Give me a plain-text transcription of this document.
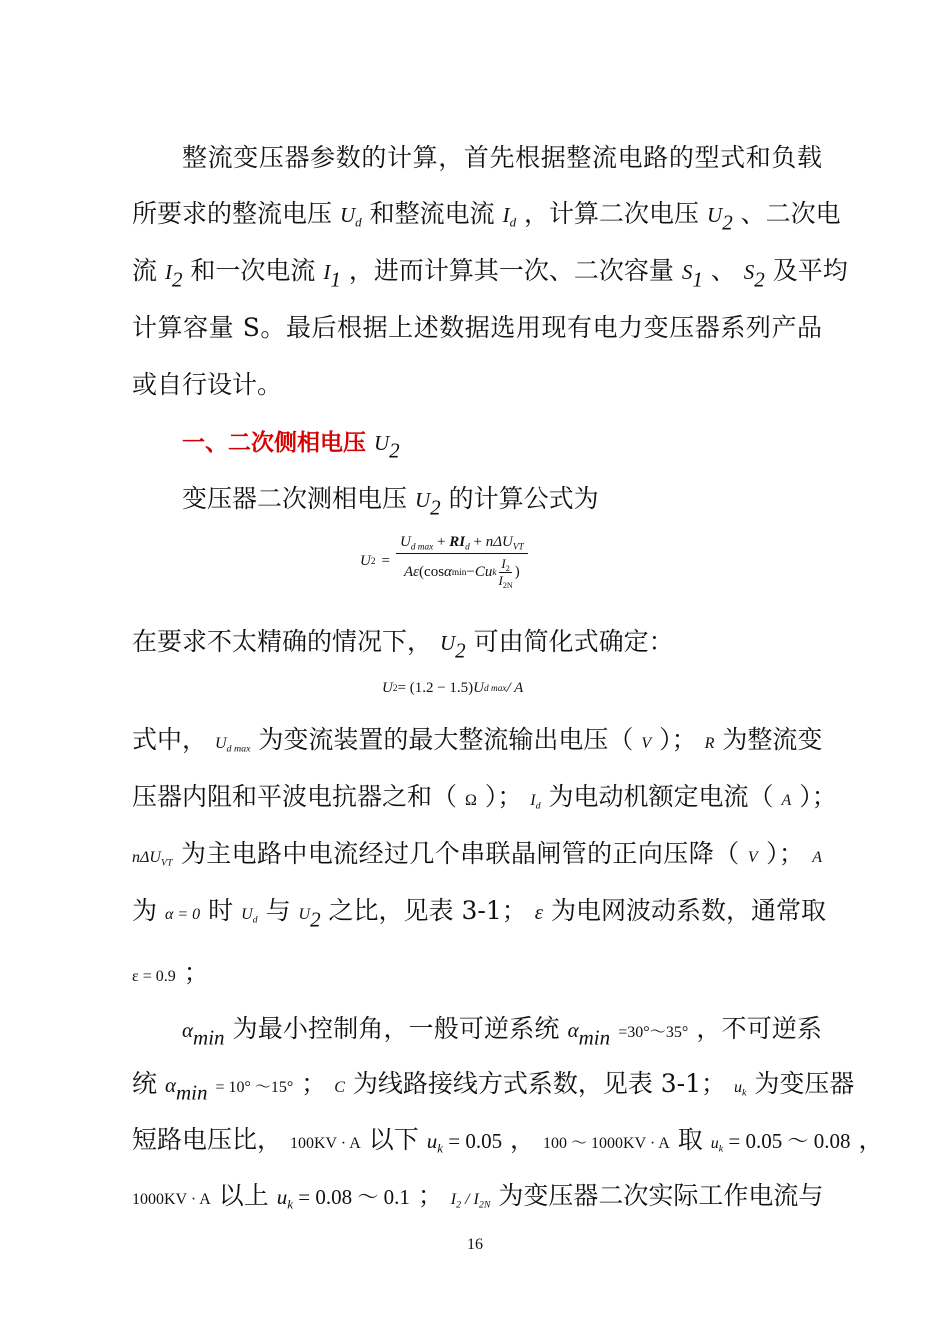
整流变压器参数的计算，首先根据整流电路的型式和负载
所要求的整流电压 $U_d$ 和整流电流 $I_d$ ，计算二次电压 $U_2$ 、二次电
流 $I_2$ 和一次电流 $I_1$ ，进而计算其一次、二次容量 $S_1$ 、 $S_2$ 及平均
计算容量 S。最后根据上述数据选用现有电力变压器系列产品
或自行设计。
一、二次侧相电压 $U_2$
变压器二次测相电压 $U_2$ 的计算公式为
U 2 =
$U_{d max} + RI_d + n\Delta U_{VT}$
Aε (cos α min − Cu k
$I_2$
$I_{2N}$
)
在要求不太精确的情况下， $U_2$ 可由简化式确定：
U 2 = (1.2 − 1.5) U d max / A
式中， $U_{d max}$ 为变流装置的最大整流输出电压（ V ）； R 为整流变
压器内阻和平波电抗器之和（ Ω ）； $I_d$ 为电动机额定电流（ A ）；
nΔU$_{VT}$ 为主电路中电流经过几个串联晶闸管的正向压降（ V ）； A
为 α = 0 时 $U_d$ 与 $U_2$ 之比，见表 3-1； ε 为电网波动系数，通常取
ε = 0.9 ；
$\alpha_{min}$ 为最小控制角，一般可逆系统 $\alpha_{min}$ =30°～35° ，不可逆系
统 $\alpha_{min} = 10^\circ$ ～15° ； C 为线路接线方式系数，见表 3-1； $u_k$ 为变压器
短路电压比， 100KV · A 以下 $u_k = 0.05$ ， 100 ～ 1000KV · A 取 $u_k = 0.05$ ～ 0.08 ，
1000KV · A 以上 $u_k = 0.08$ ～ 0.1 ； $I_2 / I_{2N}$ 为变压器二次实际工作电流与
16
